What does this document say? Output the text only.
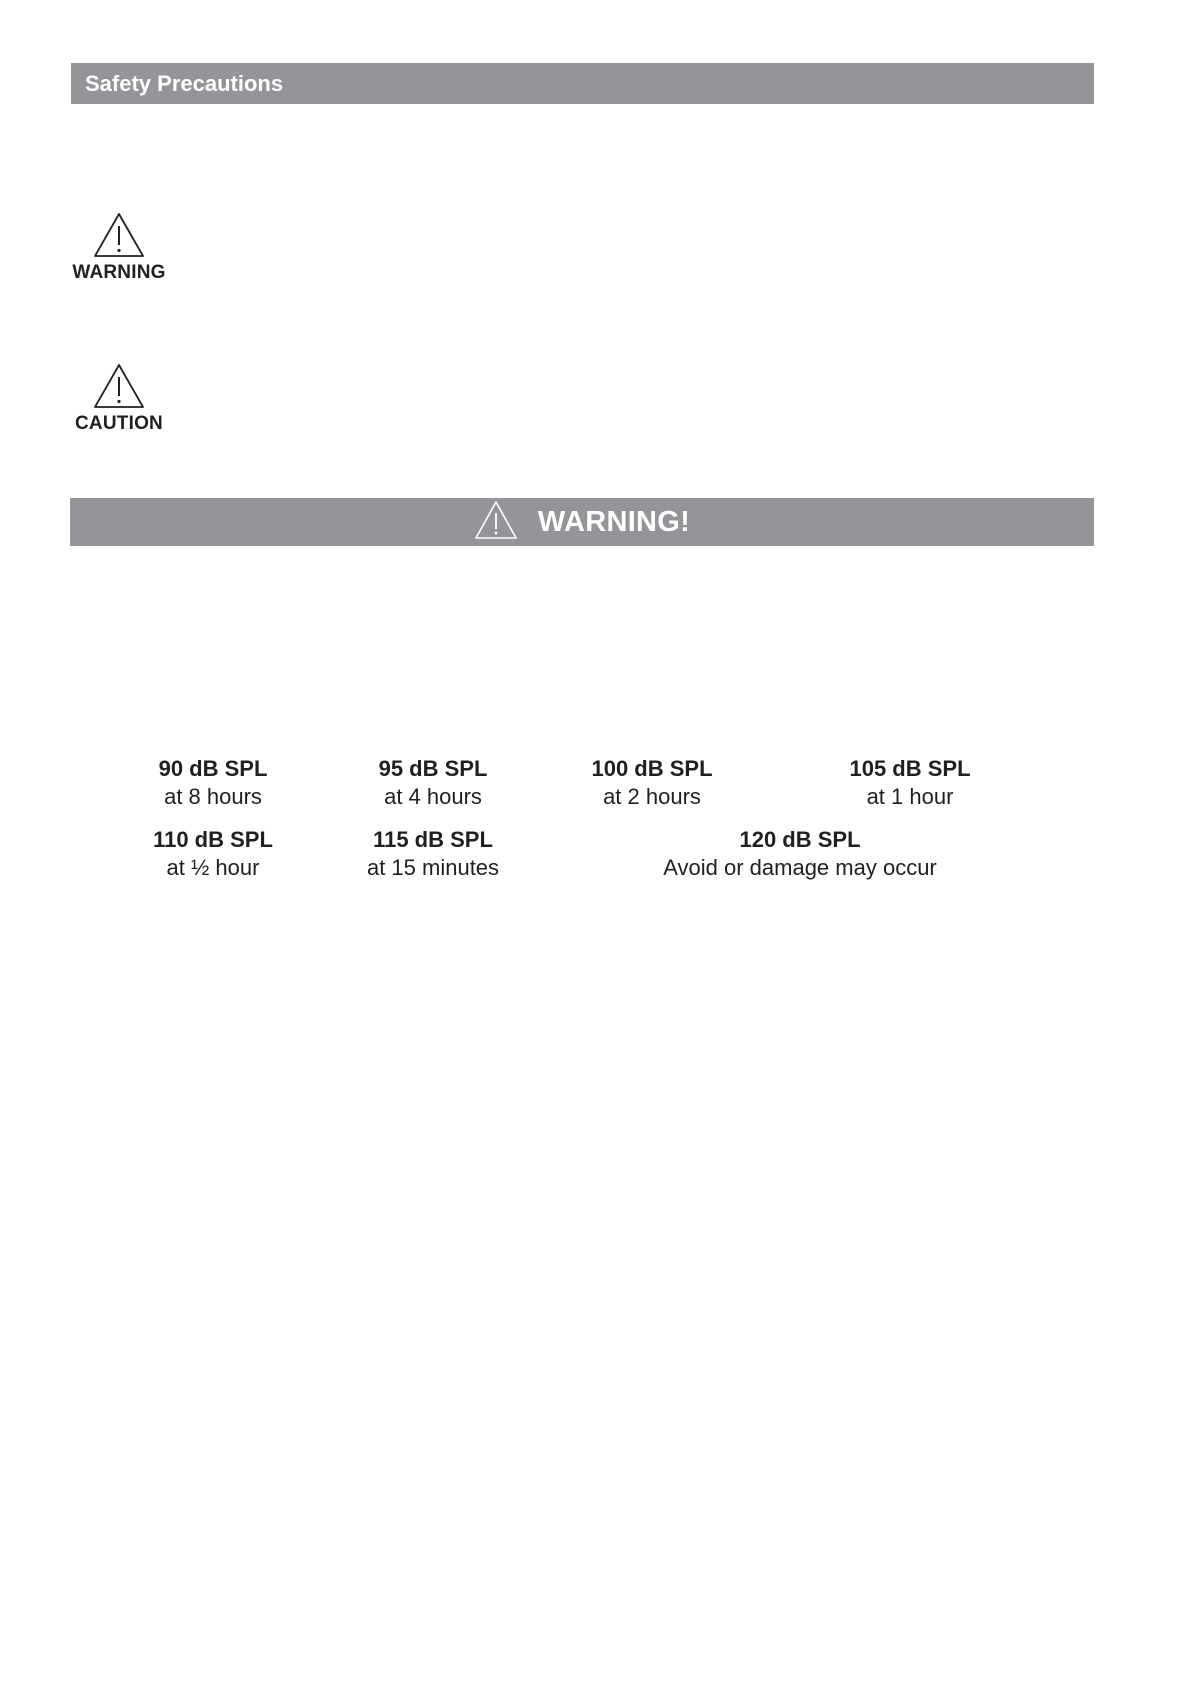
Safety Precautions
WARNING
CAUTION
WARNING!
90 dB SPL
at 8 hours
95 dB SPL
at 4 hours
100 dB SPL
at 2 hours
105 dB SPL
at 1 hour
110 dB SPL
at ½ hour
115 dB SPL
at 15 minutes
120 dB SPL
Avoid or damage may occur
